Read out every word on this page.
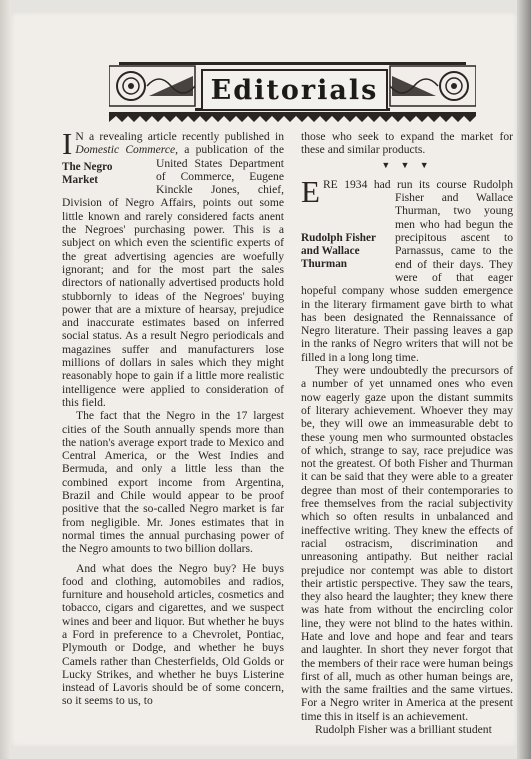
Editorials

I N a revealing article recently published in Domestic Commerce,
The Negro Market
a publication of the United States Department of Commerce, Eugene Kinckle Jones, chief, Division of Negro Affairs, points out some little known and rarely considered facts anent the Negroes' purchasing power. This is a subject on which even the scientific experts of the great advertising agencies are woefully ignorant; and for the most part the sales directors of nationally advertised products hold stubbornly to ideas of the Negroes' buying power that are a mixture of hearsay, prejudice and inaccurate estimates based on inferred social status. As a result Negro periodicals and magazines suffer and manufacturers lose millions of dollars in sales which they might reasonably hope to gain if a little more realistic intelligence were applied to consideration of this field.

The fact that the Negro in the 17 largest cities of the South annually spends more than the nation's average export trade to Mexico and Central America, or the West Indies and Bermuda, and only a little less than the combined export income from Argentina, Brazil and Chile would appear to be proof positive that the so-called Negro market is far from negligible. Mr. Jones estimates that in normal times the annual purchasing power of the Negro amounts to two billion dollars.

And what does the Negro buy? He buys food and clothing, automobiles and radios, furniture and household articles, cosmetics and tobacco, cigars and cigarettes, and we suspect wines and beer and liquor. But whether he buys a Ford in preference to a Chevrolet, Pontiac, Plymouth or Dodge, and whether he buys Camels rather than Chesterfields, Old Golds or Lucky Strikes, and whether he buys Listerine instead of Lavoris should be of some concern, so it seems to us, to

those who seek to expand the market for these and similar products.

▼ ▼ ▼

E
Rudolph Fisher and Wallace Thurman
RE 1934 had run its course Rudolph Fisher and Wallace Thurman, two young men who had begun the precipitous ascent to Parnassus, came to the end of their days. They were of that eager hopeful company whose sudden emergence in the literary firmament gave birth to what has been designated the Rennaissance of Negro literature. Their passing leaves a gap in the ranks of Negro writers that will not be filled in a long long time.

They were undoubtedly the precursors of a number of yet unnamed ones who even now eagerly gaze upon the distant summits of literary achievement. Whoever they may be, they will owe an immeasurable debt to these young men who surmounted obstacles of which, strange to say, race prejudice was not the greatest. Of both Fisher and Thurman it can be said that they were able to a greater degree than most of their contemporaries to free themselves from the racial subjectivity which so often results in unbalanced and ineffective writing. They knew the effects of racial ostracism, discrimination and unreasoning antipathy. But neither racial prejudice nor contempt was able to distort their artistic perspective. They saw the tears, they also heard the laughter; they knew there was hate from without the encircling color line, they were not blind to the hates within. Hate and love and hope and fear and tears and laughter. In short they never forgot that the members of their race were human beings first of all, much as other human beings are, with the same frailties and the same virtues. For a Negro writer in America at the present time this in itself is an achievement.

Rudolph Fisher was a brilliant student
